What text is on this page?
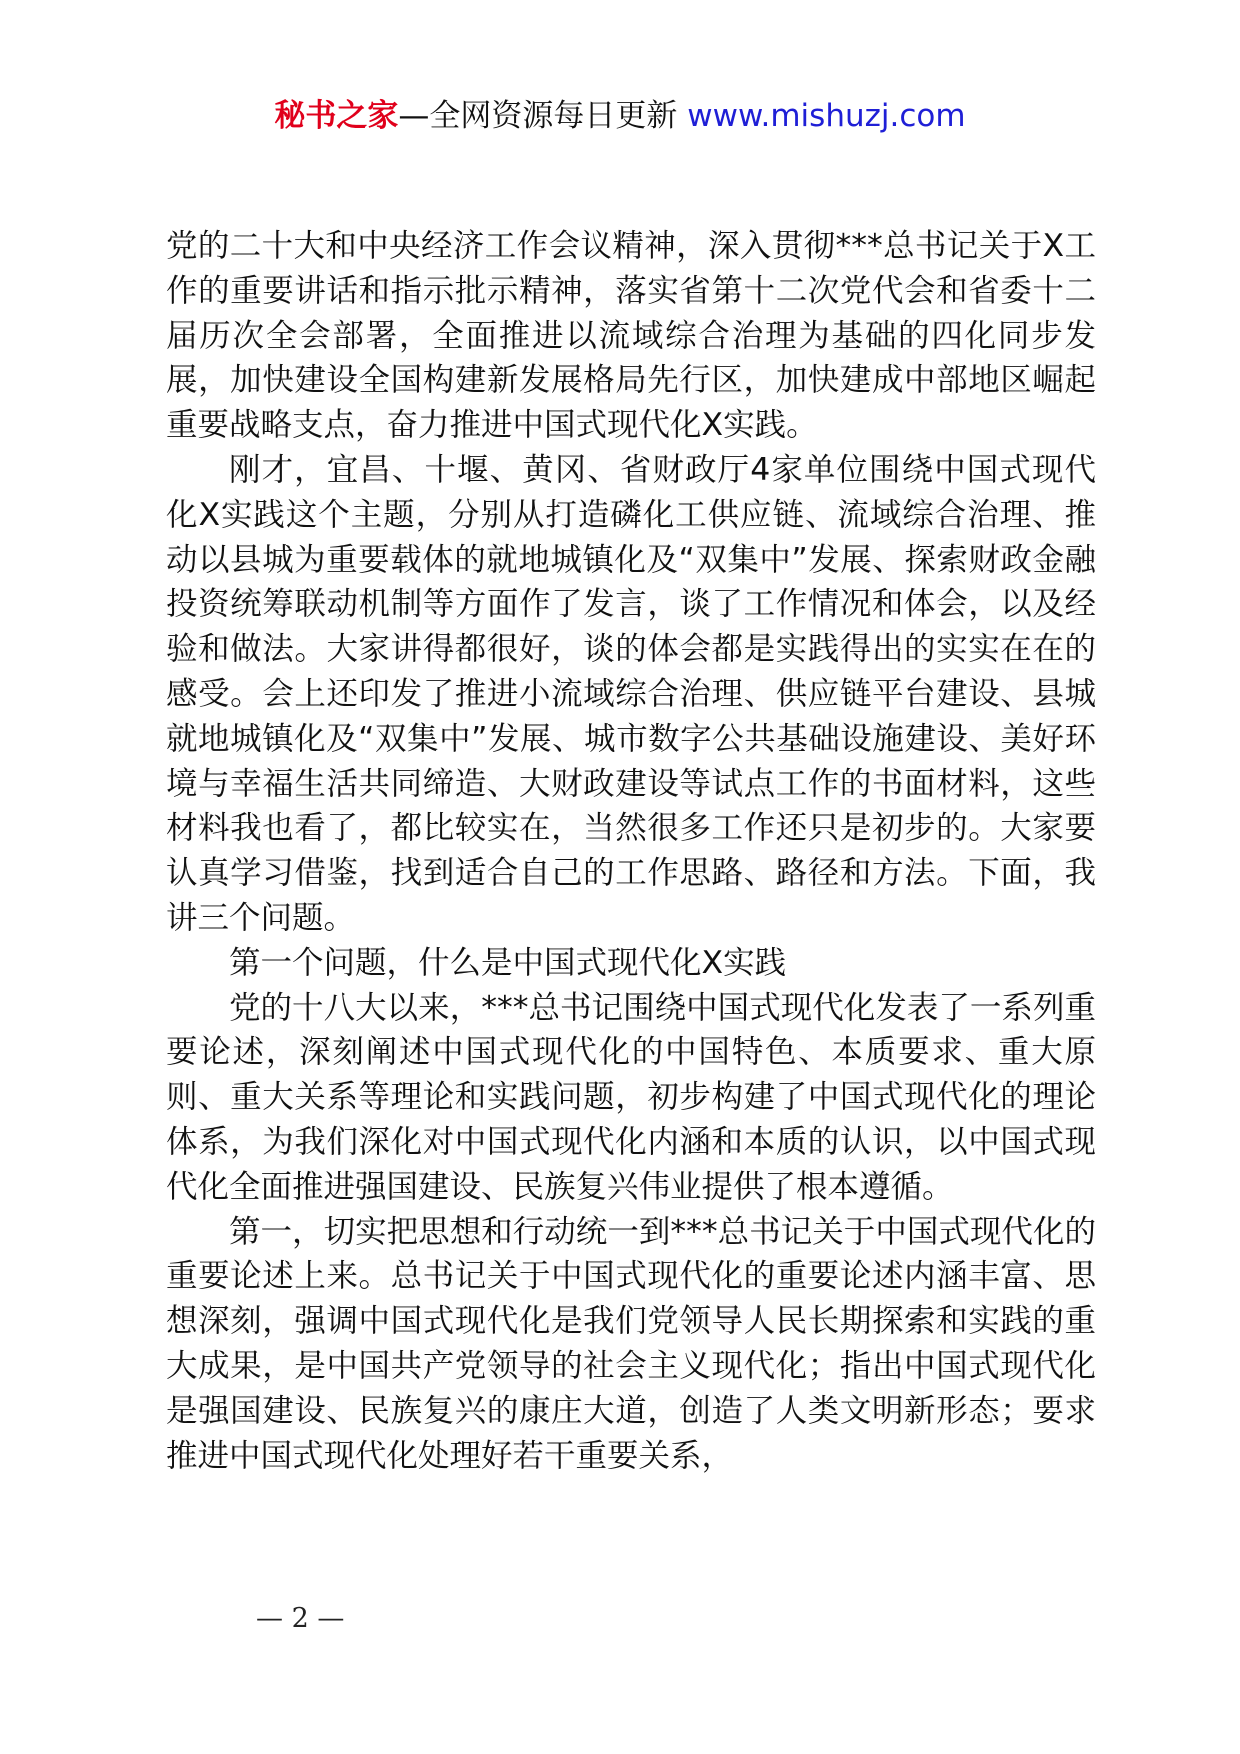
秘书之家—全网资源每日更新 www.mishuzj.com

党的二十大和中央经济工作会议精神，深入贯彻***总书记关于X工作的重要讲话和指示批示精神，落实省第十二次党代会和省委十二届历次全会部署，全面推进以流域综合治理为基础的四化同步发展，加快建设全国构建新发展格局先行区，加快建成中部地区崛起重要战略支点，奋力推进中国式现代化X实践。

刚才，宜昌、十堰、黄冈、省财政厅4家单位围绕中国式现代化X实践这个主题，分别从打造磷化工供应链、流域综合治理、推动以县城为重要载体的就地城镇化及“双集中”发展、探索财政金融投资统筹联动机制等方面作了发言，谈了工作情况和体会，以及经验和做法。大家讲得都很好，谈的体会都是实践得出的实实在在的感受。会上还印发了推进小流域综合治理、供应链平台建设、县城就地城镇化及“双集中”发展、城市数字公共基础设施建设、美好环境与幸福生活共同缔造、大财政建设等试点工作的书面材料，这些材料我也看了，都比较实在，当然很多工作还只是初步的。大家要认真学习借鉴，找到适合自己的工作思路、路径和方法。下面，我讲三个问题。

第一个问题，什么是中国式现代化X实践

党的十八大以来，***总书记围绕中国式现代化发表了一系列重要论述，深刻阐述中国式现代化的中国特色、本质要求、重大原则、重大关系等理论和实践问题，初步构建了中国式现代化的理论体系，为我们深化对中国式现代化内涵和本质的认识，以中国式现代化全面推进强国建设、民族复兴伟业提供了根本遵循。

第一，切实把思想和行动统一到***总书记关于中国式现代化的重要论述上来。总书记关于中国式现代化的重要论述内涵丰富、思想深刻，强调中国式现代化是我们党领导人民长期探索和实践的重大成果，是中国共产党领导的社会主义现代化；指出中国式现代化是强国建设、民族复兴的康庄大道，创造了人类文明新形态；要求推进中国式现代化处理好若干重要关系，

— 2 —
